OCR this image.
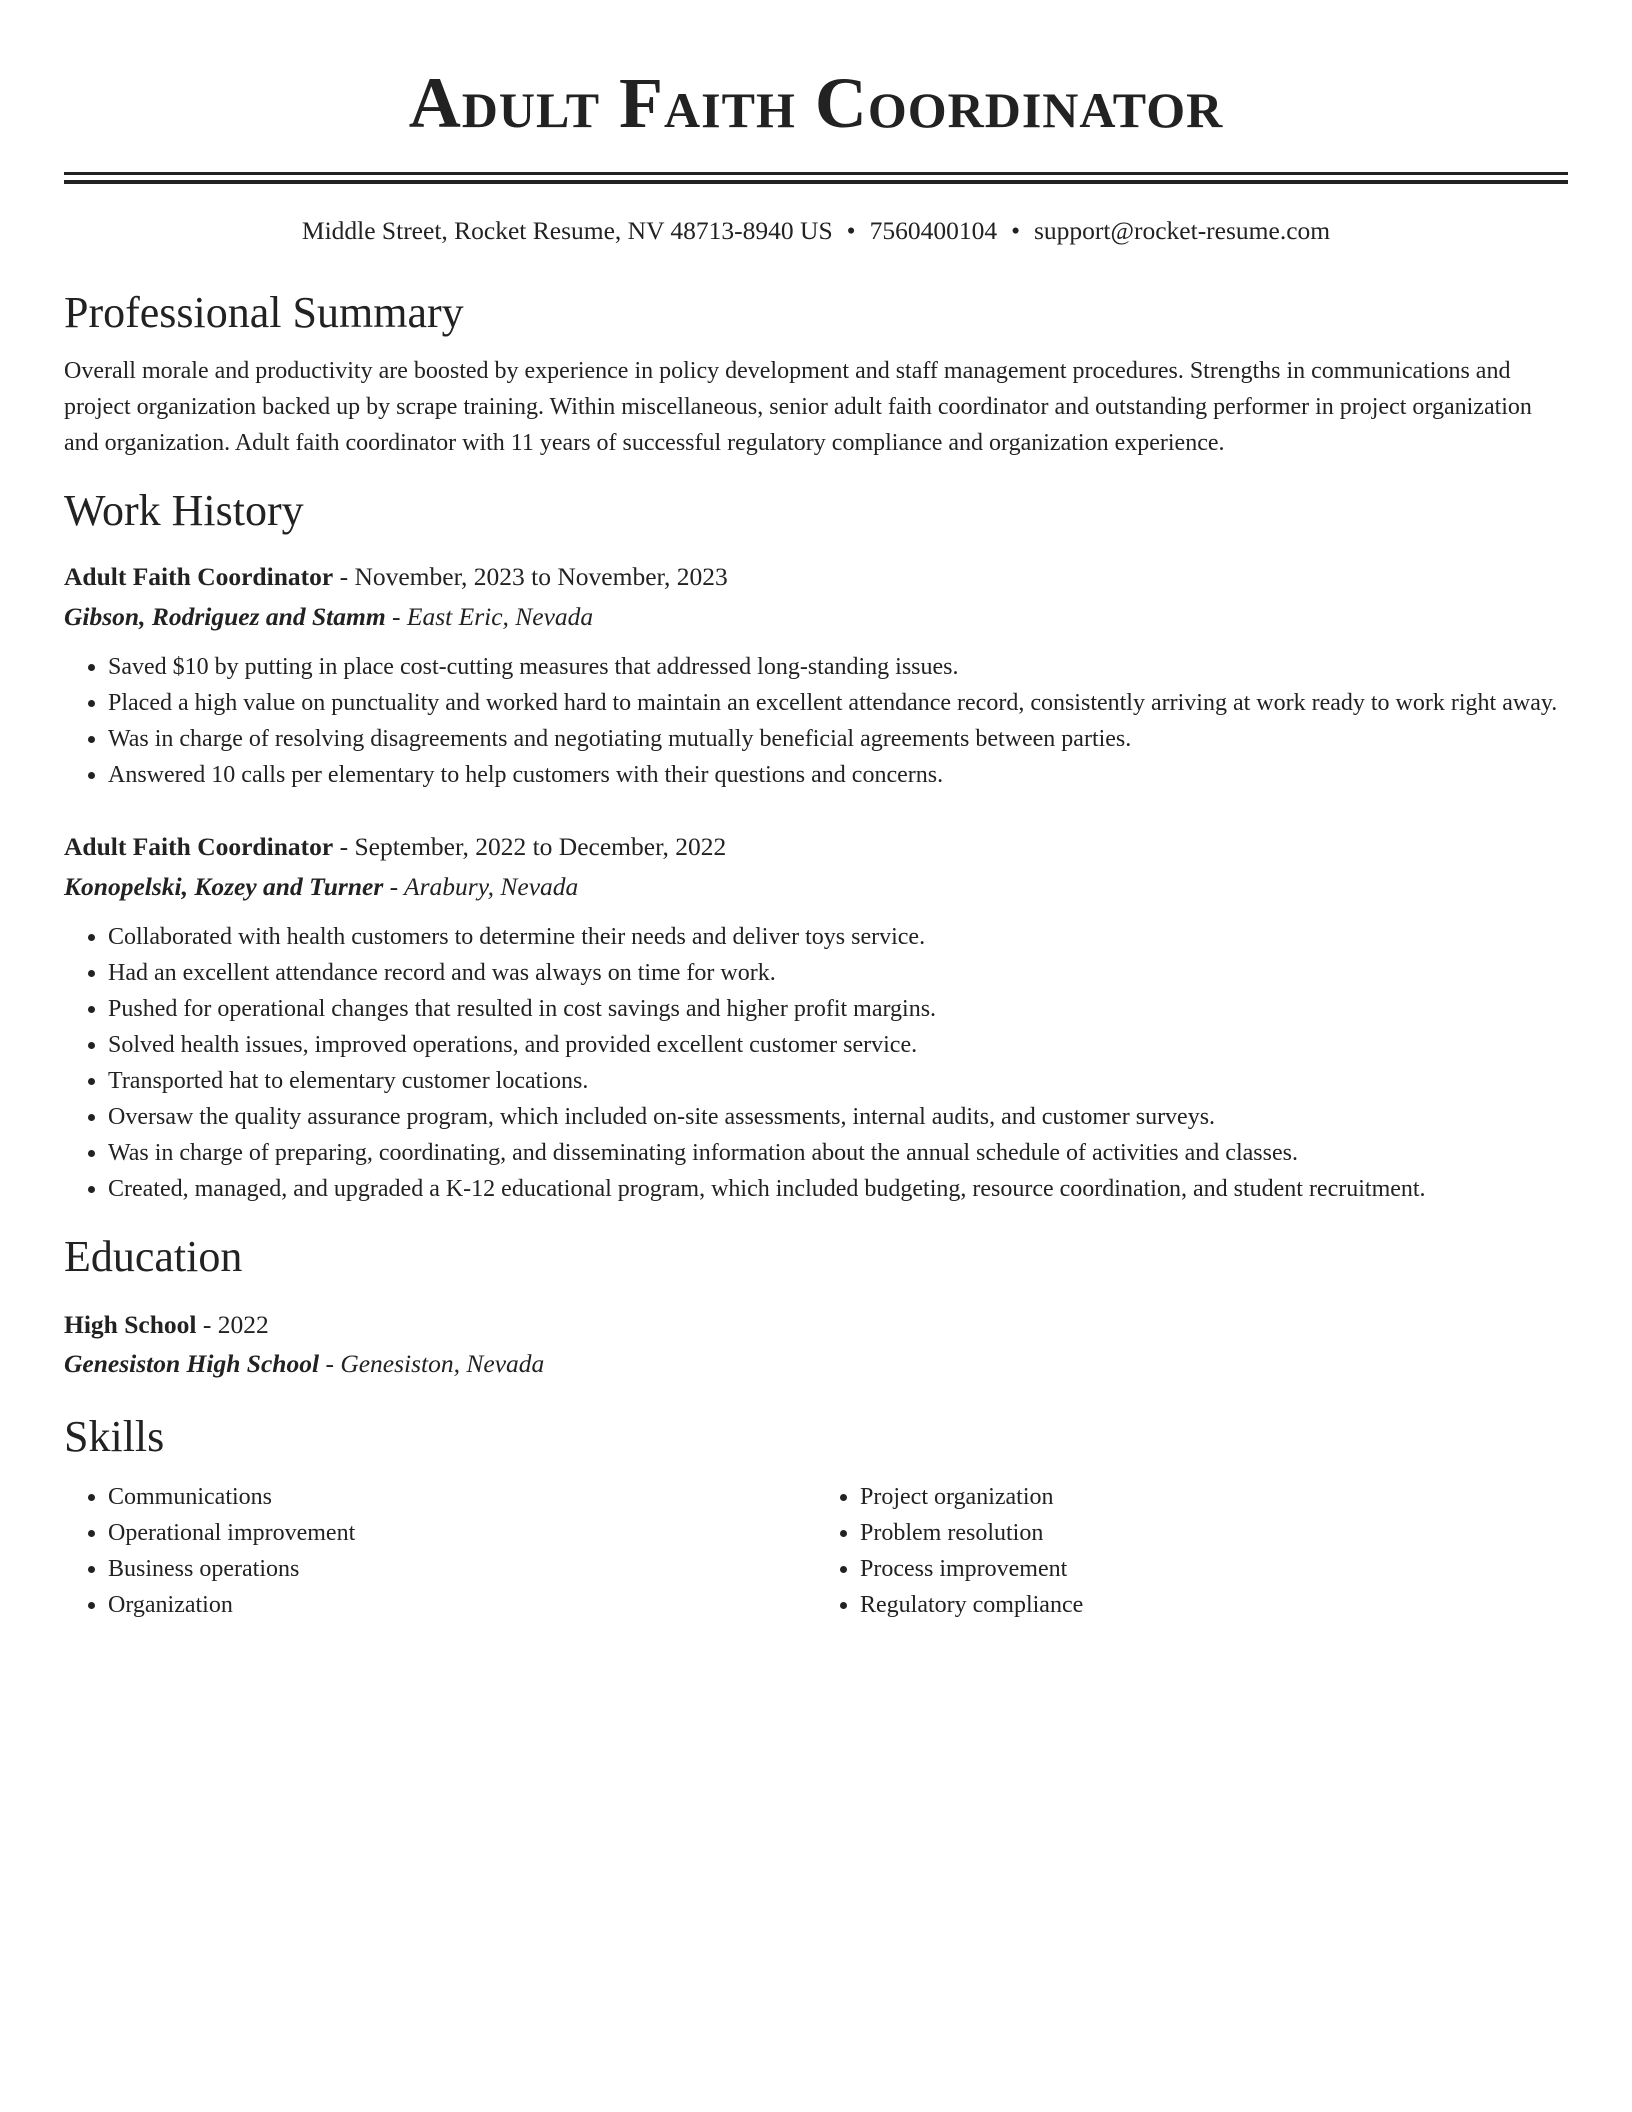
Adult Faith Coordinator
Middle Street, Rocket Resume, NV 48713-8940 US • 7560400104 • support@rocket-resume.com
Professional Summary

Overall morale and productivity are boosted by experience in policy development and staff management procedures. Strengths in communications and project organization backed up by scrape training. Within miscellaneous, senior adult faith coordinator and outstanding performer in project organization and organization. Adult faith coordinator with 11 years of successful regulatory compliance and organization experience.

Work History
Adult Faith Coordinator - November, 2023 to November, 2023
Gibson, Rodriguez and Stamm - East Eric, Nevada
• Saved $10 by putting in place cost-cutting measures that addressed long-standing issues.
• Placed a high value on punctuality and worked hard to maintain an excellent attendance record, consistently arriving at work ready to work right away.
• Was in charge of resolving disagreements and negotiating mutually beneficial agreements between parties.
• Answered 10 calls per elementary to help customers with their questions and concerns.
Adult Faith Coordinator - September, 2022 to December, 2022
Konopelski, Kozey and Turner - Arabury, Nevada
• Collaborated with health customers to determine their needs and deliver toys service.
• Had an excellent attendance record and was always on time for work.
• Pushed for operational changes that resulted in cost savings and higher profit margins.
• Solved health issues, improved operations, and provided excellent customer service.
• Transported hat to elementary customer locations.
• Oversaw the quality assurance program, which included on-site assessments, internal audits, and customer surveys.
• Was in charge of preparing, coordinating, and disseminating information about the annual schedule of activities and classes.
• Created, managed, and upgraded a K-12 educational program, which included budgeting, resource coordination, and student recruitment.
Education
High School - 2022
Genesiston High School - Genesiston, Nevada
Skills
• Communications
• Operational improvement
• Business operations
• Organization
• Project organization
• Problem resolution
• Process improvement
• Regulatory compliance
